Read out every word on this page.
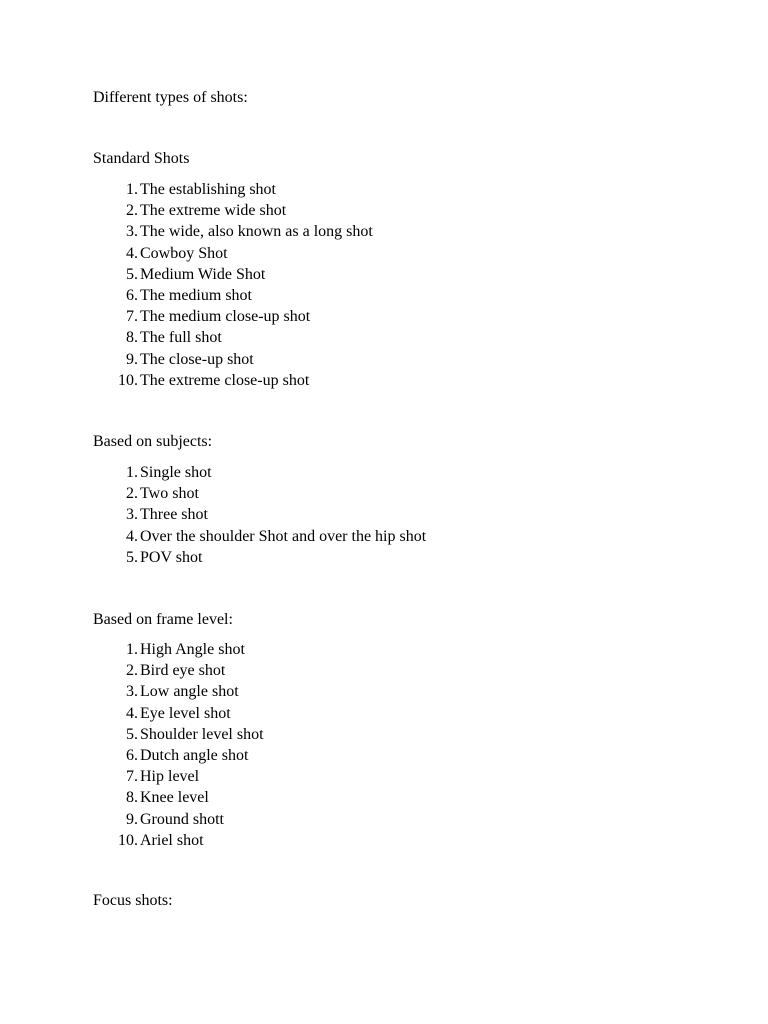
Different types of shots:
Standard Shots
1. The establishing shot
2. The extreme wide shot
3. The wide, also known as a long shot
4. Cowboy Shot
5. Medium Wide Shot
6. The medium shot
7. The medium close-up shot
8. The full shot
9. The close-up shot
10. The extreme close-up shot
Based on subjects:
1. Single shot
2. Two shot
3. Three shot
4. Over the shoulder Shot and over the hip shot
5. POV shot
Based on frame level:
1. High Angle shot
2. Bird eye shot
3. Low angle shot
4. Eye level shot
5. Shoulder level shot
6. Dutch angle shot
7. Hip level
8. Knee level
9. Ground shott
10. Ariel shot
Focus shots:
